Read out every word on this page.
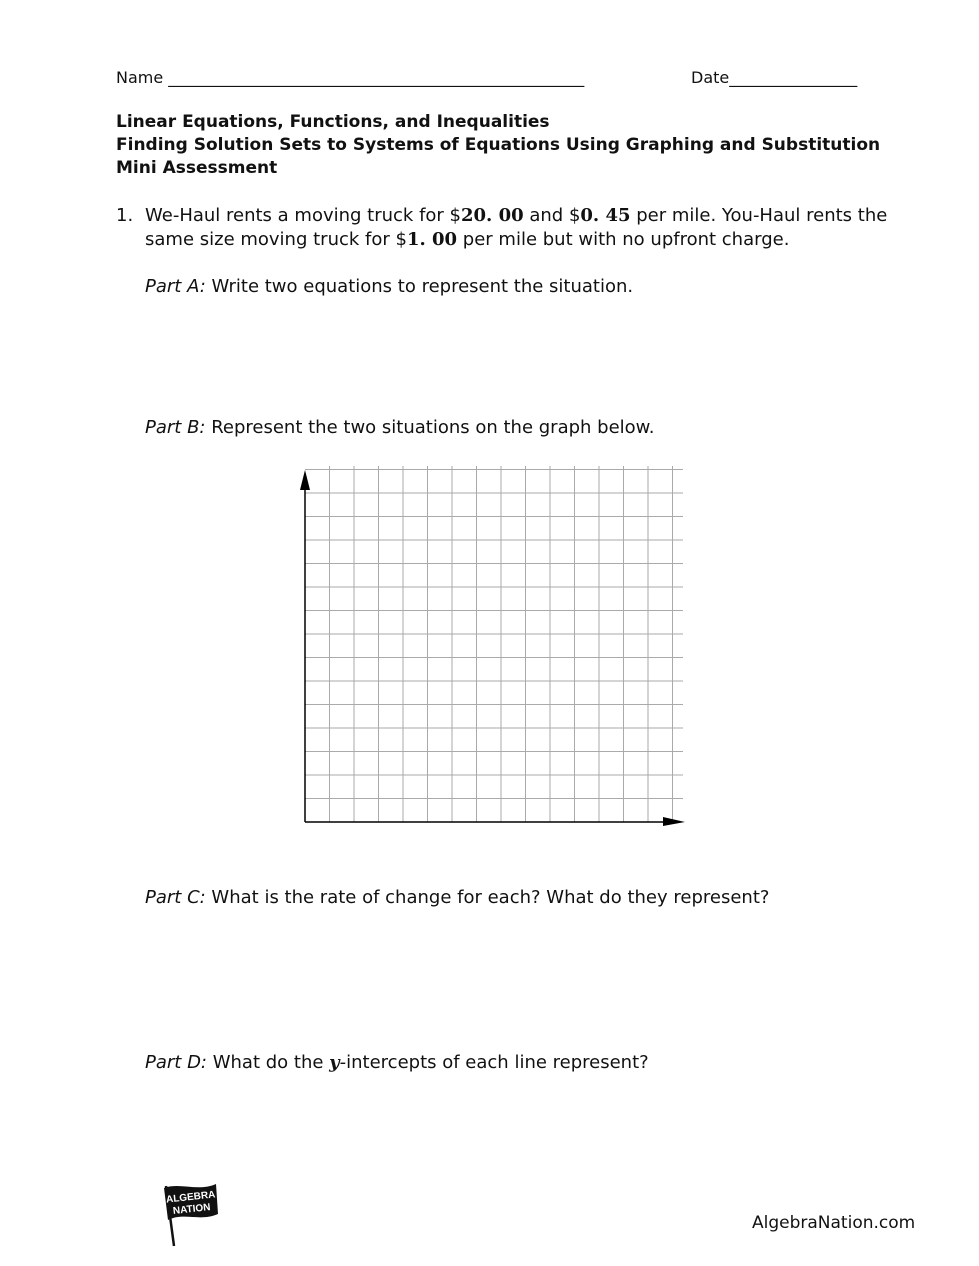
Name ____________________________________________________	Date________________
Linear Equations, Functions, and Inequalities
Finding Solution Sets to Systems of Equations Using Graphing and Substitution
Mini Assessment
1. We-Haul rents a moving truck for $20. 00 and $0. 45 per mile. You-Haul rents the
same size moving truck for $1. 00 per mile but with no upfront charge.
Part A: Write two equations to represent the situation.
Part B: Represent the two situations on the graph below.
Part C: What is the rate of change for each? What do they represent?
Part D: What do the y-intercepts of each line represent?
ALGEBRA
NATION
AlgebraNation.com
